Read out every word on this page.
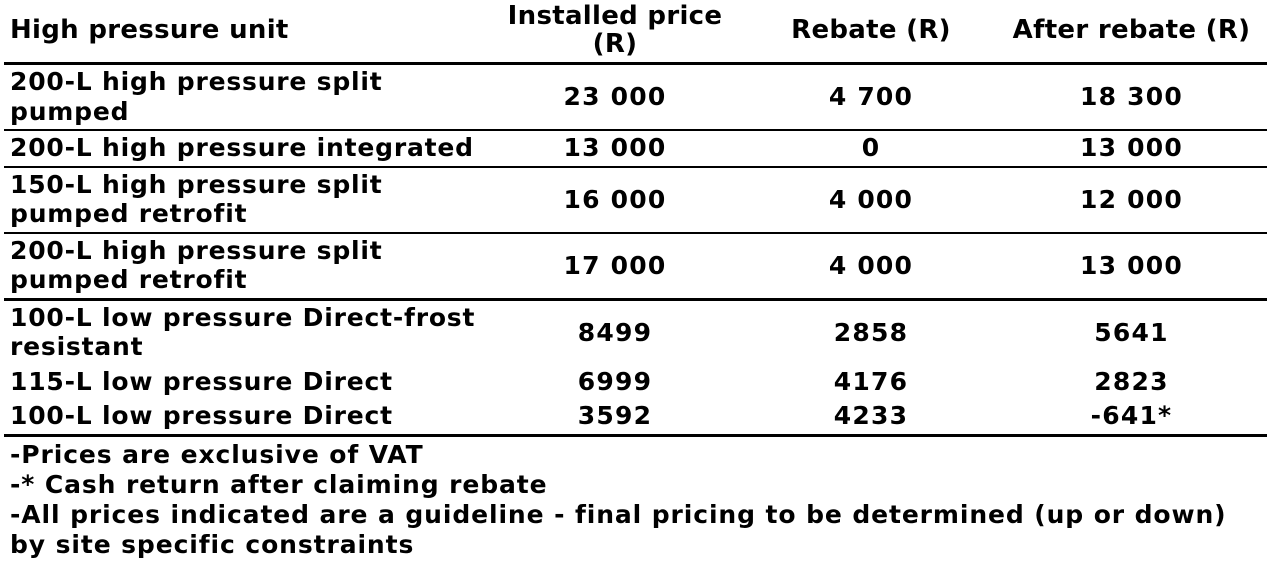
High pressure unit	Installed price (R)	Rebate (R)	After rebate (R)
200-L high pressure split pumped	23 000	4 700	18 300
200-L high pressure integrated	13 000	0	13 000
150-L high pressure split pumped retrofit	16 000	4 000	12 000
200-L high pressure split pumped retrofit	17 000	4 000	13 000
100-L low pressure Direct-frost resistant	8499	2858	5641
115-L low pressure Direct	6999	4176	2823
100-L low pressure Direct	3592	4233	-641*
-Prices are exclusive of VAT
-* Cash return after claiming rebate
-All prices indicated are a guideline - final pricing to be determined (up or down) by site specific constraints
